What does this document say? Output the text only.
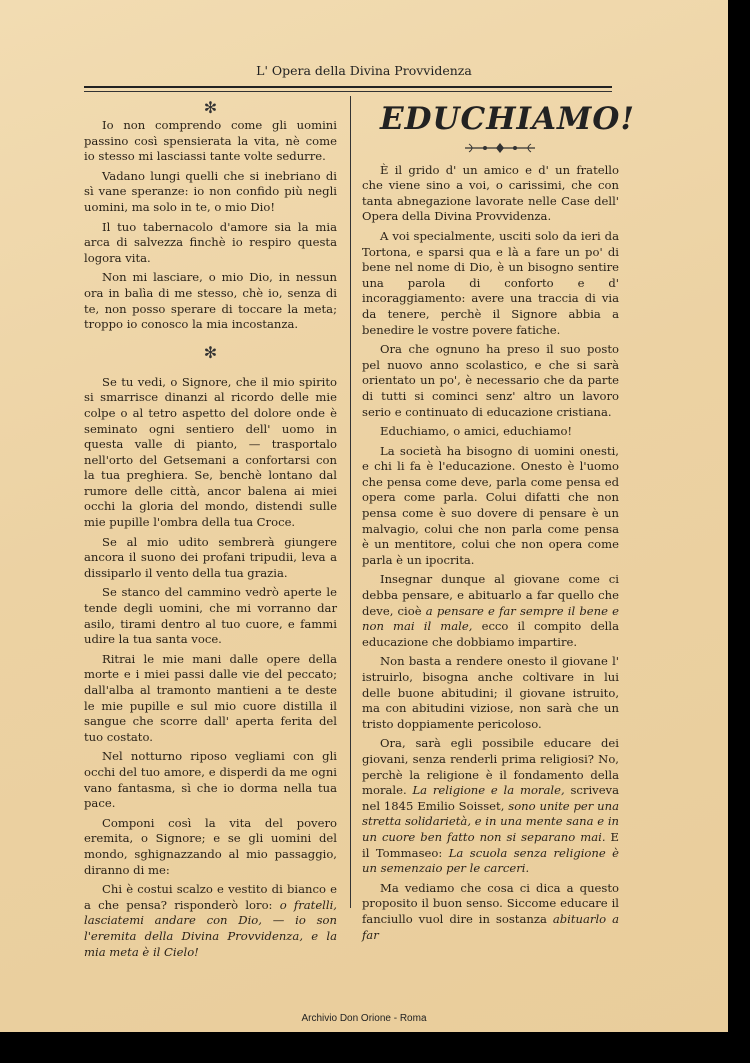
L' Opera della Divina Provvidenza

✻

Io non comprendo come gli uomini passino così spensierata la vita, nè come io stesso mi lasciassi tante volte sedurre.

Vadano lungi quelli che si inebriano di sì vane speranze: io non confido più negli uomini, ma solo in te, o mio Dio!

Il tuo tabernacolo d'amore sia la mia arca di salvezza finchè io respiro questa logora vita.

Non mi lasciare, o mio Dio, in nessun ora in balìa di me stesso, chè io, senza di te, non posso sperare di toccare la meta; troppo io conosco la mia incostanza.

✻

Se tu vedi, o Signore, che il mio spirito si smarrisce dinanzi al ricordo delle mie colpe o al tetro aspetto del dolore onde è seminato ogni sentiero dell' uomo in questa valle di pianto, — trasportalo nell'orto del Getsemani a confortarsi con la tua preghiera. Se, benchè lontano dal rumore delle città, ancor balena ai miei occhi la gloria del mondo, distendi sulle mie pupille l'ombra della tua Croce.

Se al mio udito sembrerà giungere ancora il suono dei profani tripudii, leva a dissiparlo il vento della tua grazia.

Se stanco del cammino vedrò aperte le tende degli uomini, che mi vorranno dar asilo, tirami dentro al tuo cuore, e fammi udire la tua santa voce.

Ritrai le mie mani dalle opere della morte e i miei passi dalle vie del peccato; dall'alba al tramonto mantieni a te deste le mie pupille e sul mio cuore distilla il sangue che scorre dall' aperta ferita del tuo costato.

Nel notturno riposo vegliami con gli occhi del tuo amore, e disperdi da me ogni vano fantasma, sì che io dorma nella tua pace.

Componi così la vita del povero eremita, o Signore; e se gli uomini del mondo, sghignazzando al mio passaggio, diranno di me:

Chi è costui scalzo e vestito di bianco e a che pensa? risponderò loro: o fratelli, lasciatemi andare con Dio, — io son l'eremita della Divina Provvidenza, e la mia meta è il Cielo!

EDUCHIAMO!

È il grido d' un amico e d' un fratello che viene sino a voi, o carissimi, che con tanta abnegazione lavorate nelle Case dell' Opera della Divina Provvidenza.

A voi specialmente, usciti solo da ieri da Tortona, e sparsi qua e là a fare un po' di bene nel nome di Dio, è un bisogno sentire una parola di conforto e d' incoraggiamento: avere una traccia di via da tenere, perchè il Signore abbia a benedire le vostre povere fatiche.

Ora che ognuno ha preso il suo posto pel nuovo anno scolastico, e che si sarà orientato un po', è necessario che da parte di tutti si cominci senz' altro un lavoro serio e continuato di educazione cristiana.

Educhiamo, o amici, educhiamo!

La società ha bisogno di uomini onesti, e chi li fa è l'educazione. Onesto è l'uomo che pensa come deve, parla come pensa ed opera come parla. Colui difatti che non pensa come è suo dovere di pensare è un malvagio, colui che non parla come pensa è un mentitore, colui che non opera come parla è un ipocrita.

Insegnar dunque al giovane come ci debba pensare, e abituarlo a far quello che deve, cioè a pensare e far sempre il bene e non mai il male, ecco il compito della educazione che dobbiamo impartire.

Non basta a rendere onesto il giovane l' istruirlo, bisogna anche coltivare in lui delle buone abitudini; il giovane istruito, ma con abitudini viziose, non sarà che un tristo doppiamente pericoloso.

Ora, sarà egli possibile educare dei giovani, senza renderli prima religiosi? No, perchè la religione è il fondamento della morale. La religione e la morale, scriveva nel 1845 Emilio Soisset, sono unite per una stretta solidarietà, e in una mente sana e in un cuore ben fatto non si separano mai. E il Tommaseo: La scuola senza religione è un semenzaio per le carceri.

Ma vediamo che cosa ci dica a questo proposito il buon senso. Siccome educare il fanciullo vuol dire in sostanza abituarlo a far

Archivio Don Orione - Roma
